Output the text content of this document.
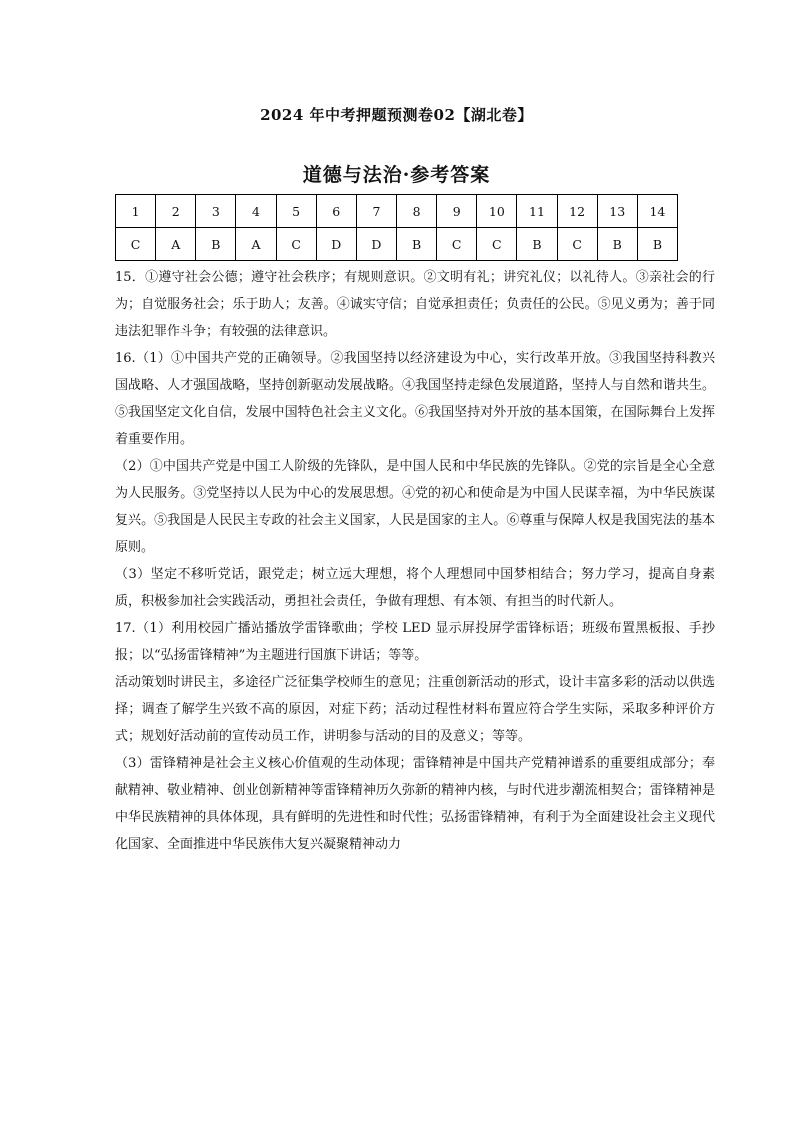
2024 年中考押题预测卷02【湖北卷】
道德与法治·参考答案
1	2	3	4	5	6	7	8	9	10	11	12	13	14
C	A	B	A	C	D	D	B	C	C	B	C	B	B

15．①遵守社会公德；遵守社会秩序；有规则意识。②文明有礼；讲究礼仪；以礼待人。③亲社会的行为；自觉服务社会；乐于助人；友善。④诚实守信；自觉承担责任；负责任的公民。⑤见义勇为；善于同违法犯罪作斗争；有较强的法律意识。

16.（1）①中国共产党的正确领导。②我国坚持以经济建设为中心，实行改革开放。③我国坚持科教兴国战略、人才强国战略，坚持创新驱动发展战略。④我国坚持走绿色发展道路，坚持人与自然和谐共生。⑤我国坚定文化自信，发展中国特色社会主义文化。⑥我国坚持对外开放的基本国策，在国际舞台上发挥着重要作用。

（2）①中国共产党是中国工人阶级的先锋队，是中国人民和中华民族的先锋队。②党的宗旨是全心全意为人民服务。③党坚持以人民为中心的发展思想。④党的初心和使命是为中国人民谋幸福，为中华民族谋复兴。⑤我国是人民民主专政的社会主义国家，人民是国家的主人。⑥尊重与保障人权是我国宪法的基本原则。

（3）坚定不移听党话，跟党走；树立远大理想，将个人理想同中国梦相结合；努力学习，提高自身素质，积极参加社会实践活动，勇担社会责任，争做有理想、有本领、有担当的时代新人。

17.（1）利用校园广播站播放学雷锋歌曲；学校 LED 显示屏投屏学雷锋标语；班级布置黑板报、手抄报；以“弘扬雷锋精神”为主题进行国旗下讲话；等等。

活动策划时讲民主，多途径广泛征集学校师生的意见；注重创新活动的形式，设计丰富多彩的活动以供选择；调查了解学生兴致不高的原因，对症下药；活动过程性材料布置应符合学生实际，采取多种评价方式；规划好活动前的宣传动员工作，讲明参与活动的目的及意义；等等。

（3）雷锋精神是社会主义核心价值观的生动体现；雷锋精神是中国共产党精神谱系的重要组成部分；奉献精神、敬业精神、创业创新精神等雷锋精神历久弥新的精神内核，与时代进步潮流相契合；雷锋精神是中华民族精神的具体体现，具有鲜明的先进性和时代性；弘扬雷锋精神，有利于为全面建设社会主义现代化国家、全面推进中华民族伟大复兴凝聚精神动力
